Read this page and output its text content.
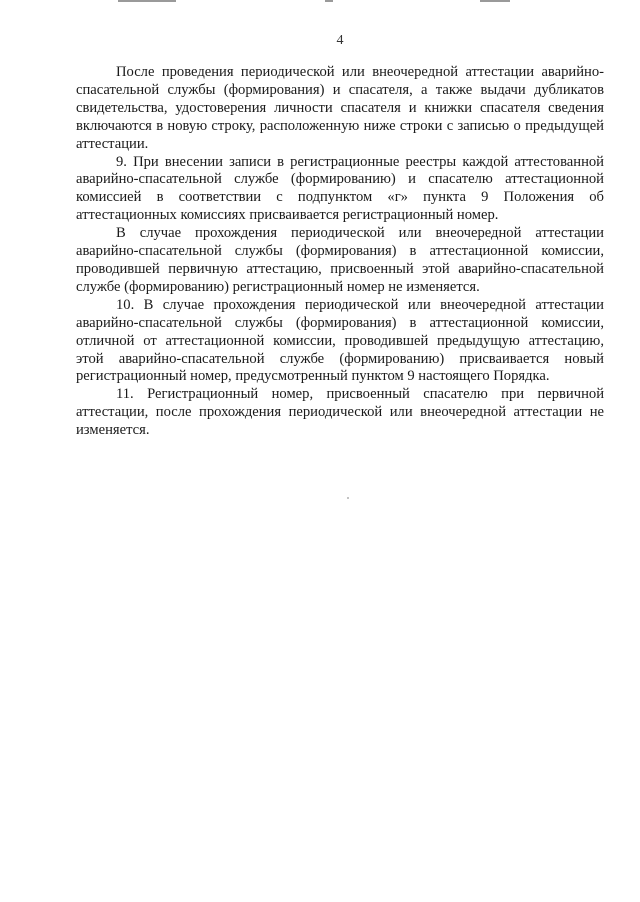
4

После проведения периодической или внеочередной аттестации аварийно-спасательной службы (формирования) и спасателя, а также выдачи дубликатов свидетельства, удостоверения личности спасателя и книжки спасателя сведения включаются в новую строку, расположенную ниже строки с записью о предыдущей аттестации.

9. При внесении записи в регистрационные реестры каждой аттестованной аварийно-спасательной службе (формированию) и спасателю аттестационной комиссией в соответствии с подпунктом «г» пункта 9 Положения об аттестационных комиссиях присваивается регистрационный номер.

В случае прохождения периодической или внеочередной аттестации аварийно-спасательной службы (формирования) в аттестационной комиссии, проводившей первичную аттестацию, присвоенный этой аварийно-спасательной службе (формированию) регистрационный номер не изменяется.

10. В случае прохождения периодической или внеочередной аттестации аварийно-спасательной службы (формирования) в аттестационной комиссии, отличной от аттестационной комиссии, проводившей предыдущую аттестацию, этой аварийно-спасательной службе (формированию) присваивается новый регистрационный номер, предусмотренный пунктом 9 настоящего Порядка.

11. Регистрационный номер, присвоенный спасателю при первичной аттестации, после прохождения периодической или внеочередной аттестации не изменяется.
